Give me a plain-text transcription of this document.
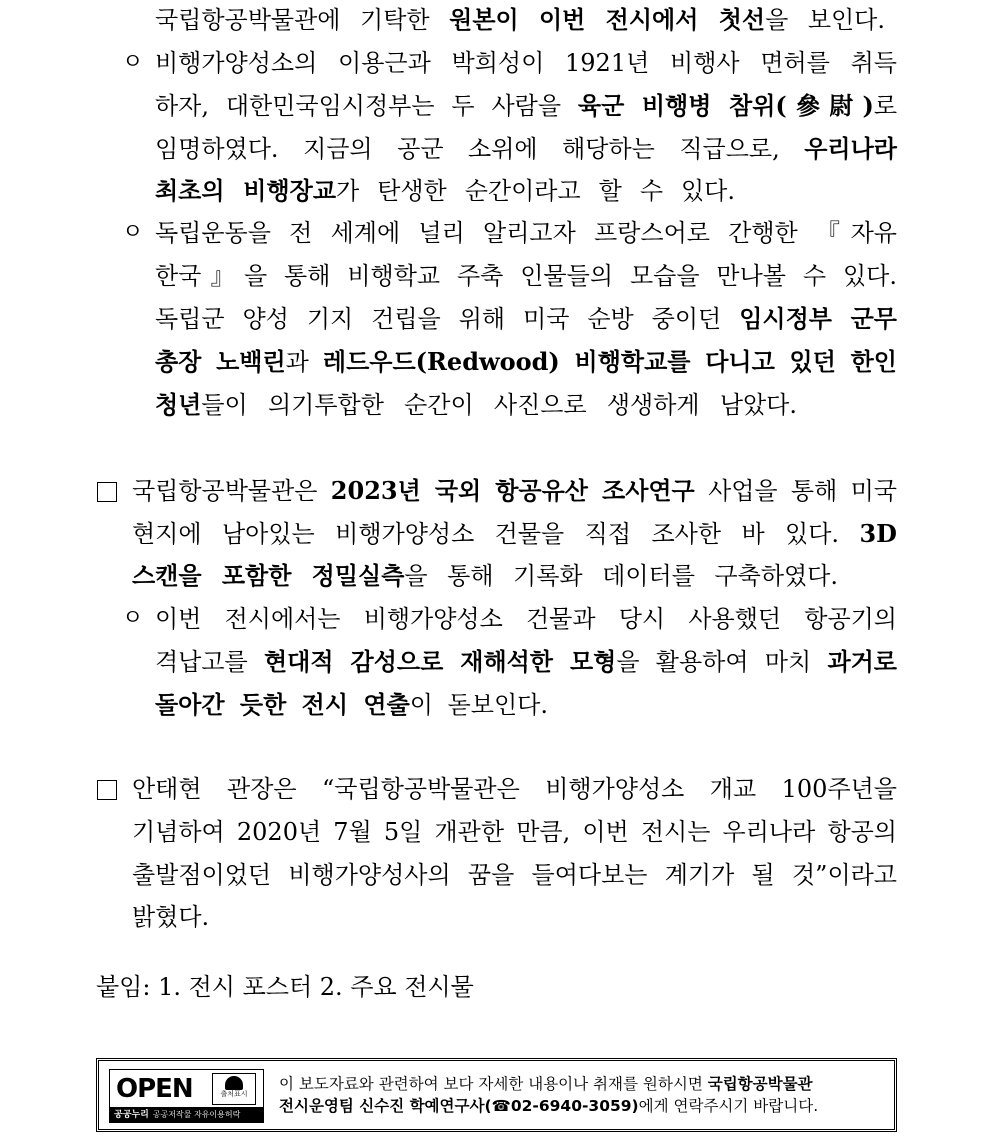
ㅇ
ㅇ
ㅇ
국립항공박물관에 기탁한 원본이 이번 전시에서 첫선을 보인다.
비행가양성소의 이용근과 박희성이 1921년 비행사 면허를 취득
하자, 대한민국임시정부는 두 사람을 육군 비행병 참위(參尉)로
임명하였다. 지금의 공군 소위에 해당하는 직급으로, 우리나라
최초의 비행장교가 탄생한 순간이라고 할 수 있다.
독립운동을 전 세계에 널리 알리고자 프랑스어로 간행한 『자유
한국』을 통해 비행학교 주축 인물들의 모습을 만나볼 수 있다.
독립군 양성 기지 건립을 위해 미국 순방 중이던 임시정부 군무
총장 노백린과 레드우드(Redwood) 비행학교를 다니고 있던 한인
청년들이 의기투합한 순간이 사진으로 생생하게 남았다.
국립항공박물관은 2023년 국외 항공유산 조사연구 사업을 통해 미국
현지에 남아있는 비행가양성소 건물을 직접 조사한 바 있다. 3D
스캔을 포함한 정밀실측을 통해 기록화 데이터를 구축하였다.
이번 전시에서는 비행가양성소 건물과 당시 사용했던 항공기의
격납고를 현대적 감성으로 재해석한 모형을 활용하여 마치 과거로
돌아간 듯한 전시 연출이 돋보인다.
안태현 관장은 “국립항공박물관은 비행가양성소 개교 100주년을
기념하여 2020년 7월 5일 개관한 만큼, 이번 전시는 우리나라 항공의
출발점이었던 비행가양성사의 꿈을 들여다보는 계기가 될 것”이라고
밝혔다.
붙임: 1. 전시 포스터 2. 주요 전시물
OPEN	출처표시
공공누리 공공저작물 자유이용허락
이 보도자료와 관련하여 보다 자세한 내용이나 취재를 원하시면 국립항공박물관
전시운영팀 신수진 학예연구사(☎02-6940-3059)에게 연락주시기 바랍니다.
